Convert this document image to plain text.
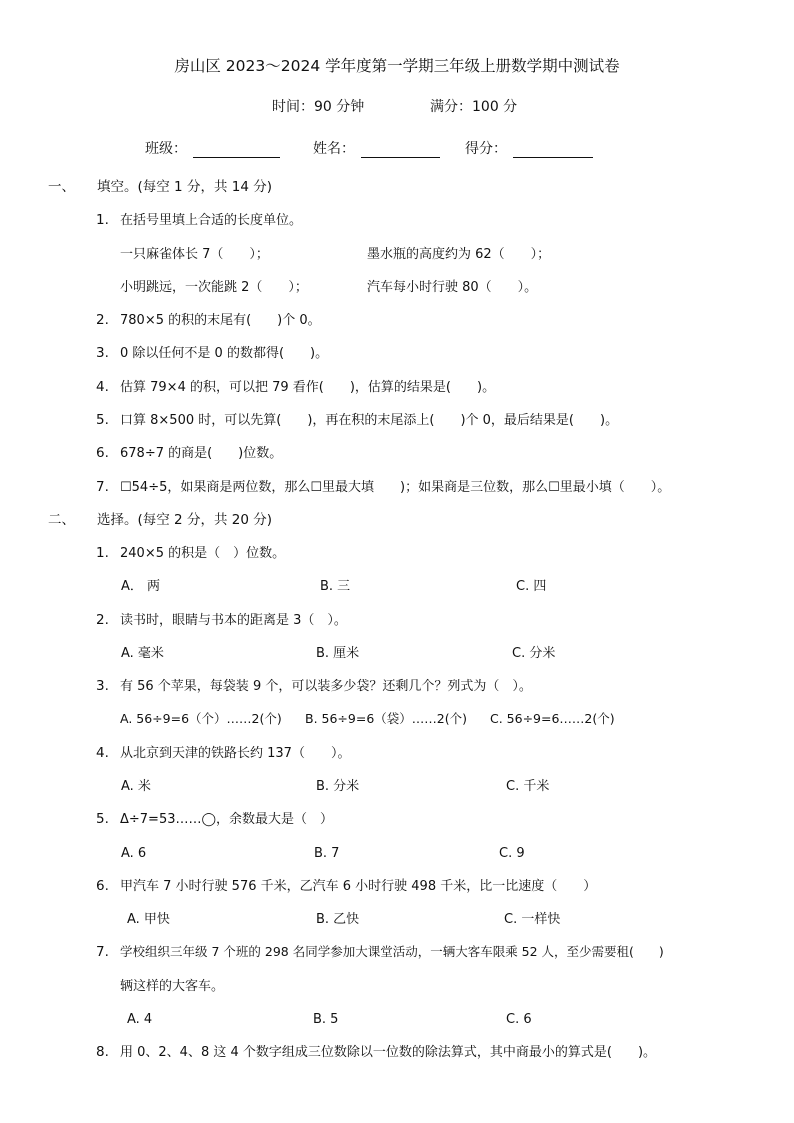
房山区 2023～2024 学年度第一学期三年级上册数学期中测试卷
时间：90 分钟	满分：100 分
班级：	姓名：	得分：
一、 填空。(每空 1 分，共 14 分)
1. 在括号里填上合适的长度单位。
一只麻雀体长 7（　　）；	墨水瓶的高度约为 62（　　）；
小明跳远，一次能跳 2（　　）；	汽车每小时行驶 80（　　）。
2. 780×5 的积的末尾有(　　)个 0。
3. 0 除以任何不是 0 的数都得(　　)。
4. 估算 79×4 的积，可以把 79 看作(　　)，估算的结果是(　　)。
5. 口算 8×500 时，可以先算(　　)，再在积的末尾添上(　　)个 0，最后结果是(　　)。
6. 678÷7 的商是(　　)位数。
7. ☐54÷5，如果商是两位数，那么☐里最大填　　)；如果商是三位数，那么☐里最小填（　　）。
二、 选择。(每空 2 分，共 20 分)
1. 240×5 的积是（　）位数。
A． 两	B. 三	C. 四
2. 读书时，眼睛与书本的距离是 3（　）。
A. 毫米	B. 厘米	C. 分米
3. 有 56 个苹果，每袋装 9 个，可以装多少袋？还剩几个？列式为（　）。
A. 56÷9=6（个）……2(个) B. 56÷9=6（袋）……2(个) C. 56÷9=6……2(个)
4. 从北京到天津的铁路长约 137（　　）。
A. 米	B. 分米	C. 千米
5. Δ÷7=53……◯，余数最大是（　）
A. 6	B. 7	C. 9
6. 甲汽车 7 小时行驶 576 千米，乙汽车 6 小时行驶 498 千米，比一比速度（　　）
A. 甲快	B. 乙快	C. 一样快
7. 学校组织三年级 7 个班的 298 名同学参加大课堂活动，一辆大客车限乘 52 人，至少需要租(　　)
辆这样的大客车。
A. 4	B. 5	C. 6
8. 用 0、2、4、8 这 4 个数字组成三位数除以一位数的除法算式，其中商最小的算式是(　　)。
